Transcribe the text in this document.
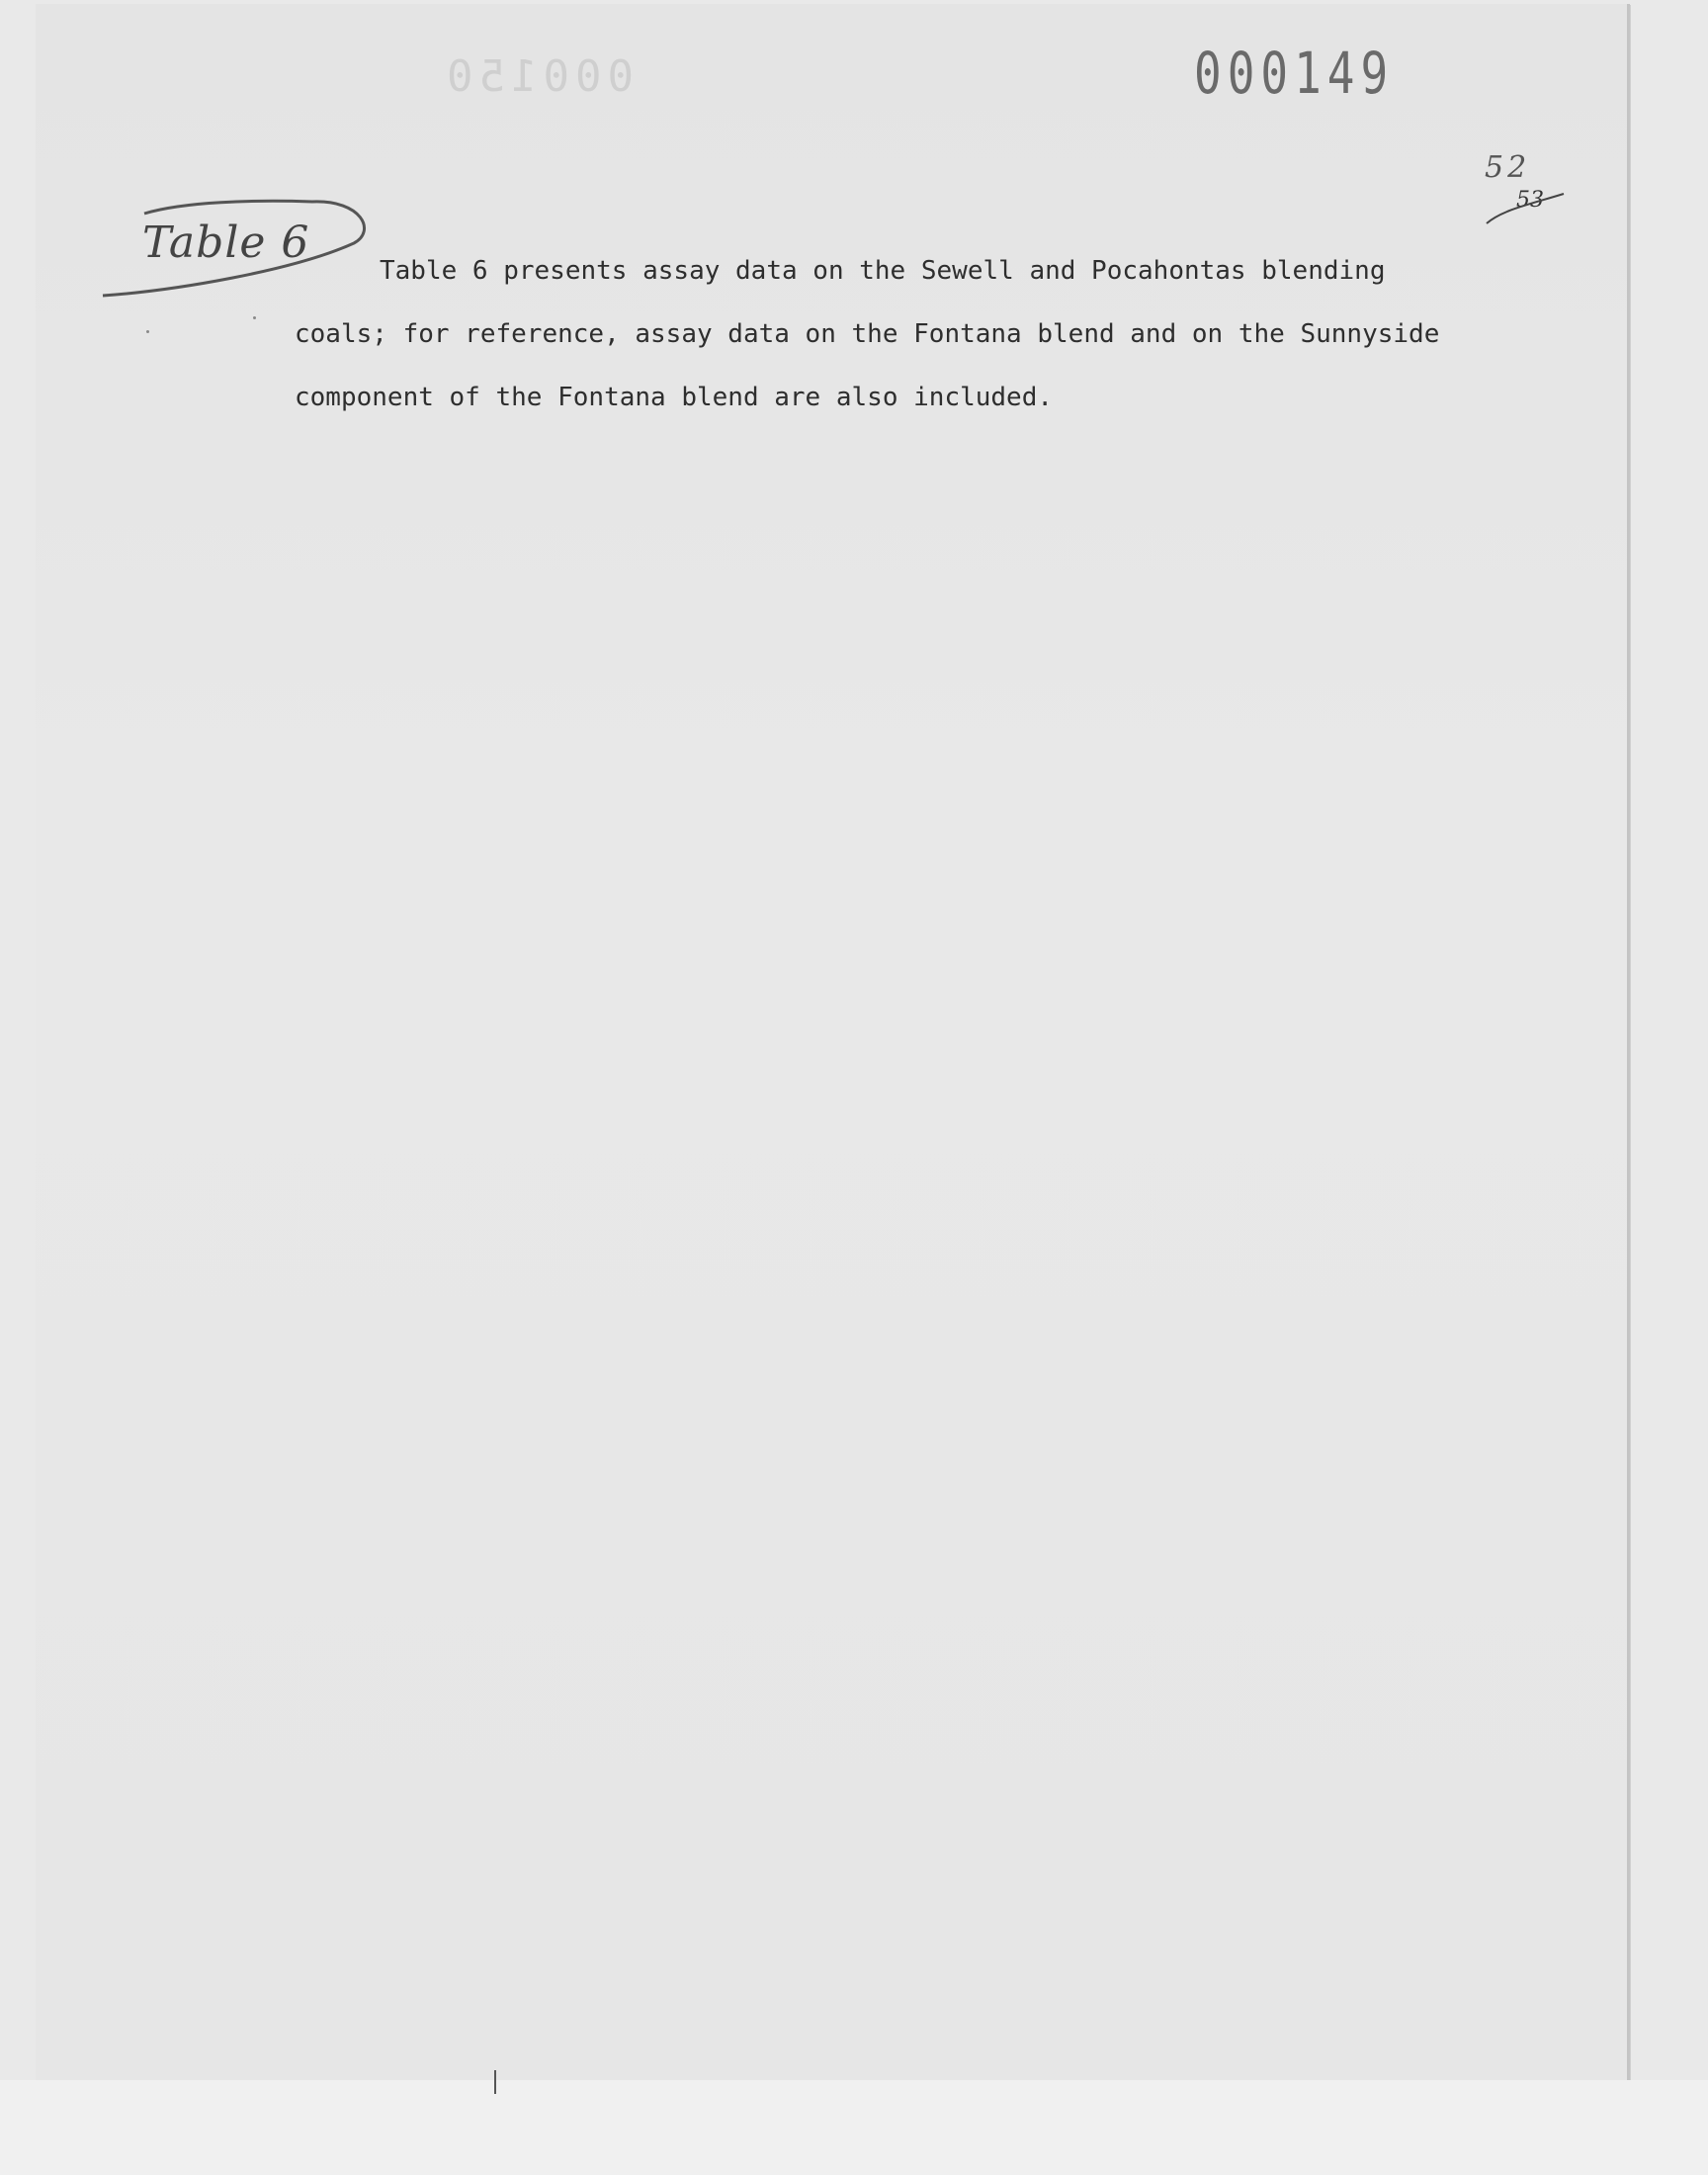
000150	000149
52
53
Table 6
Table 6 presents assay data on the Sewell and Pocahontas blending
coals; for reference, assay data on the Fontana blend and on the Sunnyside
component of the Fontana blend are also included.
